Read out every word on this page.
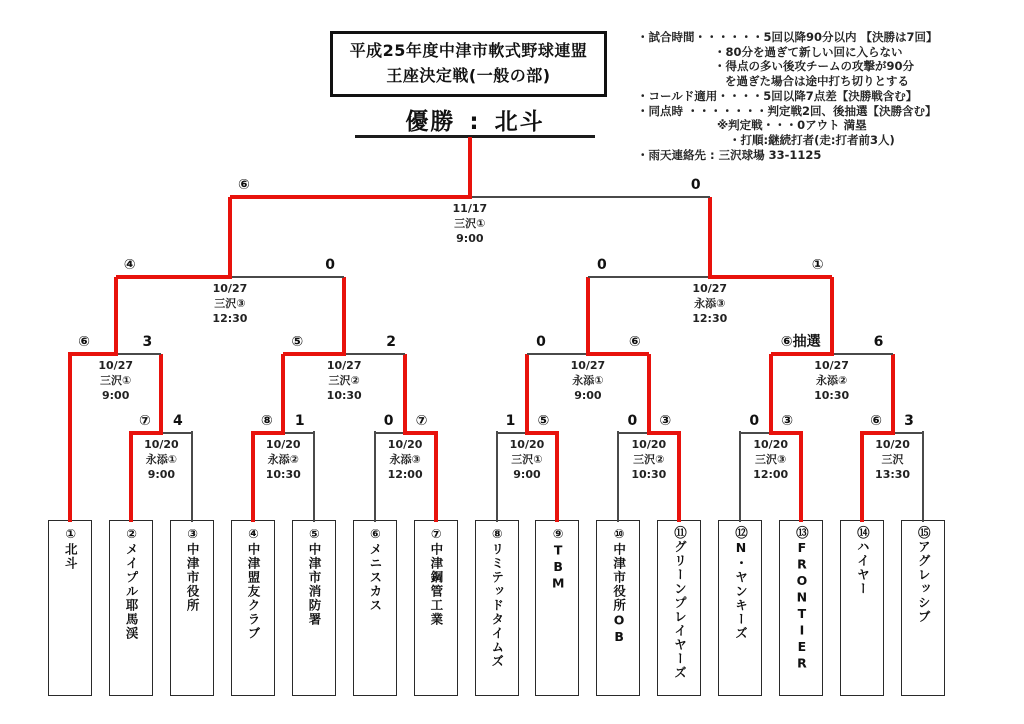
平成25年度中津市軟式野球連盟
王座決定戦(一般の部)
優勝 : 北斗
・試合時間・・・・・・5回以降90分以内 【決勝は7回】
・80分を過ぎて新しい回に入らない
・得点の多い後攻チームの攻撃が90分
を過ぎた場合は途中打ち切りとする
・コールド適用・・・・5回以降7点差【決勝戦含む】
・同点時 ・・・・・・・判定戦2回、後抽選【決勝含む】
※判定戦・・・0アウト 満塁
・打順:継続打者(走:打者前3人)
・雨天連絡先 : 三沢球場 33-1125
①北斗	②メイプル耶馬渓	③中津市役所	④中津盟友クラブ	⑤中津市消防署	⑥メニスカス	⑦中津鋼管工業	⑧リミテッドタイムズ	⑨TBM	⑩中津市役所OB	⑪グリーンプレイヤーズ	⑫N・ヤンキーズ	⑬FRONTIER	⑭ハイヤー	⑮アグレッシブ
⑦ 4
10/20
永添①
9:00
⑧ 1
10/20
永添②
10:30
0 ⑦
10/20
永添③
12:00
1 ⑤
10/20
三沢①
9:00
0 ③
10/20
三沢②
10:30
0 ③
10/20
三沢③
12:00
⑥ 3
10/20
三沢
13:30
⑥	3
10/27
三沢①
9:00
⑤	2
10/27
三沢②
10:30
0	⑥
10/27
永添①
9:00
⑥抽選	6
10/27
永添②
10:30
④	0
10/27
三沢③
12:30
0	①
10/27
永添③
12:30
⑥	0
11/17
三沢①
9:00
